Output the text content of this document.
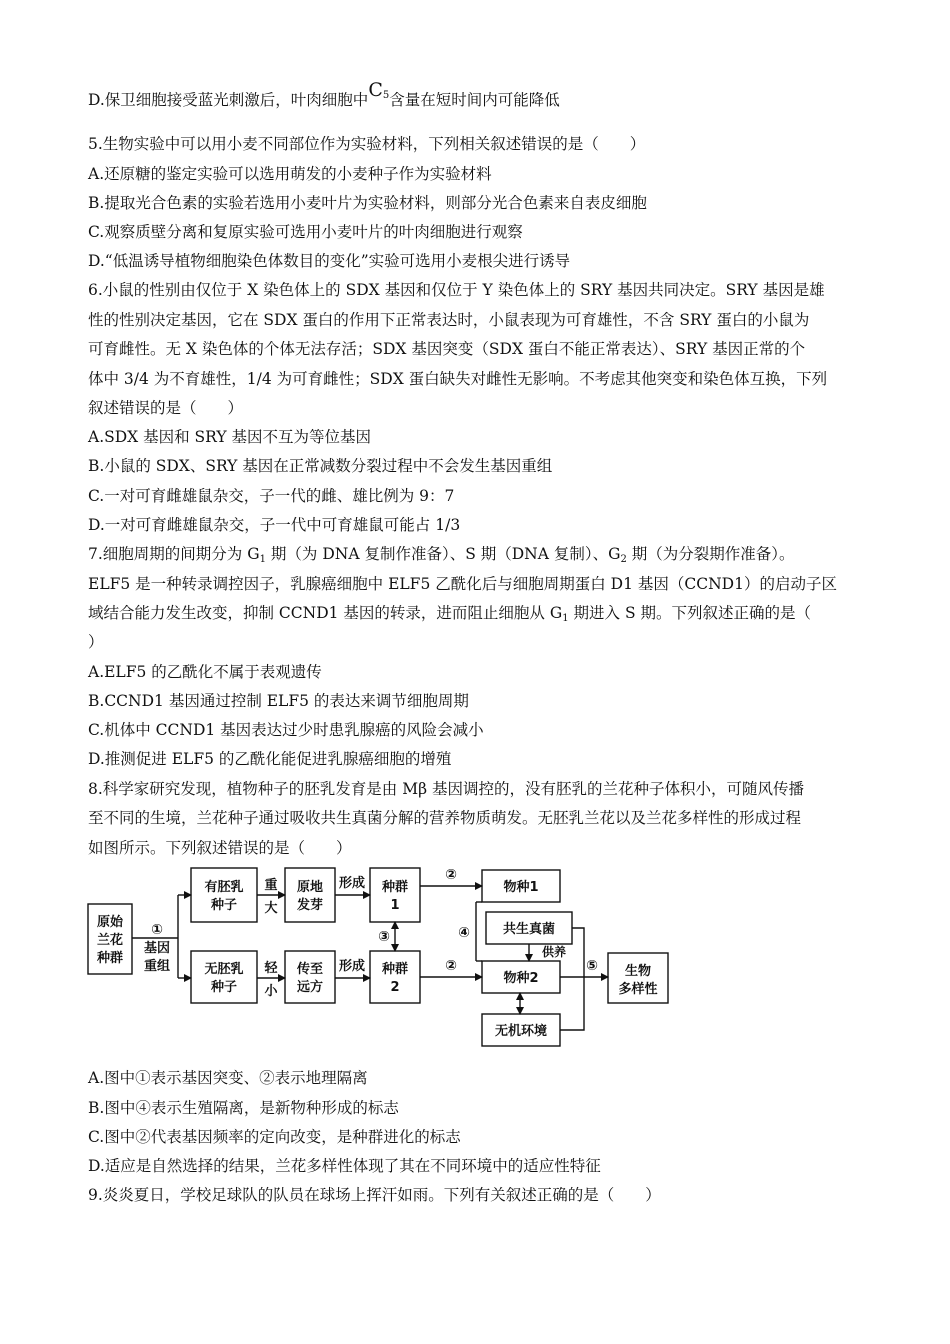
D.保卫细胞接受蓝光刺激后，叶肉细胞中$C_5$含量在短时间内可能降低
5.生物实验中可以用小麦不同部位作为实验材料，下列相关叙述错误的是（　　）
A.还原糖的鉴定实验可以选用萌发的小麦种子作为实验材料
B.提取光合色素的实验若选用小麦叶片为实验材料，则部分光合色素来自表皮细胞
C.观察质壁分离和复原实验可选用小麦叶片的叶肉细胞进行观察
D.“低温诱导植物细胞染色体数目的变化”实验可选用小麦根尖进行诱导
6.小鼠的性别由仅位于 X 染色体上的 SDX 基因和仅位于 Y 染色体上的 SRY 基因共同决定。SRY 基因是雄
性的性别决定基因，它在 SDX 蛋白的作用下正常表达时，小鼠表现为可育雄性，不含 SRY 蛋白的小鼠为
可育雌性。无 X 染色体的个体无法存活；SDX 基因突变（SDX 蛋白不能正常表达）、SRY 基因正常的个
体中 3/4 为不育雄性，1/4 为可育雌性；SDX 蛋白缺失对雌性无影响。不考虑其他突变和染色体互换，下列
叙述错误的是（　　）
A.SDX 基因和 SRY 基因不互为等位基因
B.小鼠的 SDX、SRY 基因在正常减数分裂过程中不会发生基因重组
C.一对可育雌雄鼠杂交，子一代的雌、雄比例为 9：7
D.一对可育雌雄鼠杂交，子一代中可育雄鼠可能占 1/3
7.细胞周期的间期分为 $G_1$ 期（为 DNA 复制作准备）、S 期（DNA 复制）、$G_2$ 期（为分裂期作准备）。
ELF5 是一种转录调控因子，乳腺癌细胞中 ELF5 乙酰化后与细胞周期蛋白 D1 基因（CCND1）的启动子区
域结合能力发生改变，抑制 CCND1 基因的转录，进而阻止细胞从 $G_1$ 期进入 S 期。下列叙述正确的是（
）
A.ELF5 的乙酰化不属于表观遗传
B.CCND1 基因通过控制 ELF5 的表达来调节细胞周期
C.机体中 CCND1 基因表达过少时患乳腺癌的风险会减小
D.推测促进 ELF5 的乙酰化能促进乳腺癌细胞的增殖
8.科学家研究发现，植物种子的胚乳发育是由 Mβ 基因调控的，没有胚乳的兰花种子体积小，可随风传播
至不同的生境，兰花种子通过吸收共生真菌分解的营养物质萌发。无胚乳兰花以及兰花多样性的形成过程
如图所示。下列叙述错误的是（　　）
原始
兰花
种群
①
基因
重组
有胚乳
种子
无胚乳
种子
重
大
轻
小
原地
发芽
传至
远方
形成
形成
种群
1
种群
2
③
②
②
④
⑤
物种1
共生真菌
供养
物种2
无机环境
生物
多样性
A.图中①表示基因突变、②表示地理隔离
B.图中④表示生殖隔离，是新物种形成的标志
C.图中②代表基因频率的定向改变，是种群进化的标志
D.适应是自然选择的结果，兰花多样性体现了其在不同环境中的适应性特征
9.炎炎夏日，学校足球队的队员在球场上挥汗如雨。下列有关叙述正确的是（　　）
